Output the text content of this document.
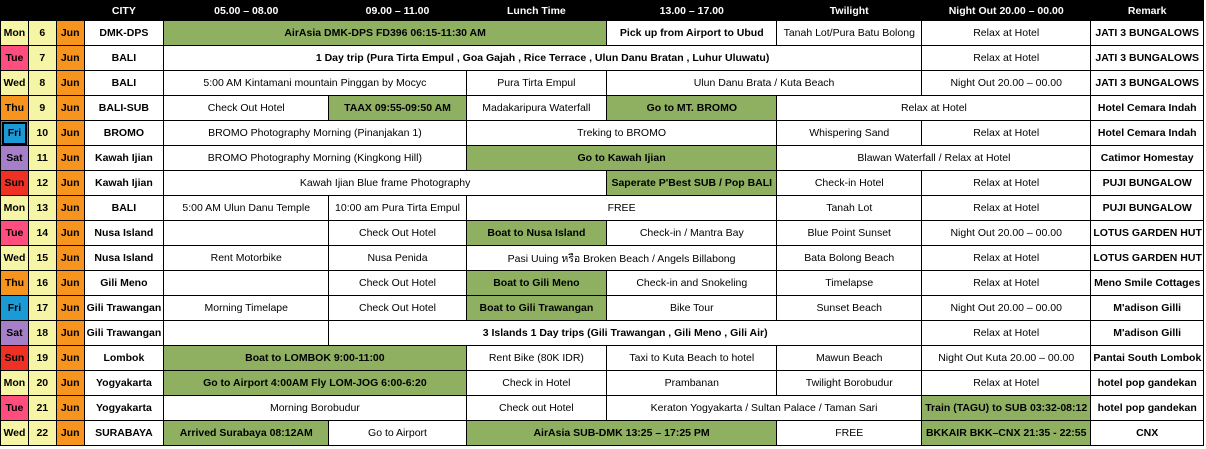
			CITY	05.00 – 08.00	09.00 – 11.00	Lunch Time	13.00 – 17.00	Twilight	Night Out 20.00 – 00.00	Remark
Mon	6	Jun	DMK-DPS	AirAsia DMK-DPS FD396 06:15-11:30 AM			Pick up from Airport to Ubud	Tanah Lot/Pura Batu Bolong	Relax at Hotel	JATI 3 BUNGALOWS
Tue	7	Jun	BALI	1 Day trip (Pura Tirta Empul , Goa Gajah , Rice Terrace , Ulun Danu Bratan , Luhur Uluwatu)					Relax at Hotel	JATI 3 BUNGALOWS
Wed	8	Jun	BALI	5:00 AM Kintamani mountain Pinggan by Mocyc		Pura Tirta Empul	Ulun Danu Brata / Kuta Beach		Night Out 20.00 – 00.00	JATI 3 BUNGALOWS
Thu	9	Jun	BALI-SUB	Check Out Hotel	TAAX 09:55-09:50 AM	Madakaripura Waterfall	Go to MT. BROMO	Relax at Hotel		Hotel Cemara Indah
Fri	10	Jun	BROMO	BROMO Photography Morning (Pinanjakan 1)		Treking to BROMO		Whispering Sand	Relax at Hotel	Hotel Cemara Indah
Sat	11	Jun	Kawah Ijian	BROMO Photography Morning (Kingkong Hill)		Go to Kawah Ijian		Blawan Waterfall / Relax at Hotel		Catimor Homestay
Sun	12	Jun	Kawah Ijian	Kawah Ijian Blue frame Photography			Saperate P'Best SUB / Pop BALI	Check-in Hotel	Relax at Hotel	PUJI BUNGALOW
Mon	13	Jun	BALI	5:00 AM Ulun Danu Temple	10:00 am Pura Tirta Empul	FREE		Tanah Lot	Relax at Hotel	PUJI BUNGALOW
Tue	14	Jun	Nusa Island		Check Out Hotel	Boat to Nusa Island	Check-in / Mantra Bay	Blue Point Sunset	Night Out 20.00 – 00.00	LOTUS GARDEN HUT
Wed	15	Jun	Nusa Island	Rent Motorbike	Nusa Penida	Pasi Uuing หรือ Broken Beach / Angels Billabong		Bata Bolong Beach	Relax at Hotel	LOTUS GARDEN HUT
Thu	16	Jun	Gili Meno		Check Out Hotel	Boat to Gili Meno	Check-in and Snokeling	Timelapse	Relax at Hotel	Meno Smile Cottages
Fri	17	Jun	Gili Trawangan	Morning Timelape	Check Out Hotel	Boat to Gili Trawangan	Bike Tour	Sunset Beach	Night Out 20.00 – 00.00	M'adison Gilli
Sat	18	Jun	Gili Trawangan		3 Islands 1 Day trips (Gili Trawangan , Gili Meno , Gili Air)				Relax at Hotel	M'adison Gilli
Sun	19	Jun	Lombok	Boat to LOMBOK 9:00-11:00		Rent Bike (80K IDR)	Taxi to Kuta Beach to hotel	Mawun Beach	Night Out Kuta 20.00 – 00.00	Pantai South Lombok
Mon	20	Jun	Yogyakarta	Go to Airport 4:00AM Fly LOM-JOG 6:00-6:20		Check in Hotel	Prambanan	Twilight Borobudur	Relax at Hotel	hotel pop gandekan
Tue	21	Jun	Yogyakarta	Morning Borobudur		Check out Hotel	Keraton Yogyakarta / Sultan Palace / Taman Sari		Train (TAGU) to SUB 03:32-08:12	hotel pop gandekan
Wed	22	Jun	SURABAYA	Arrived Surabaya 08:12AM	Go to Airport	AirAsia SUB-DMK 13:25 – 17:25 PM		FREE	BKKAIR BKK–CNX 21:35 - 22:55	CNX
